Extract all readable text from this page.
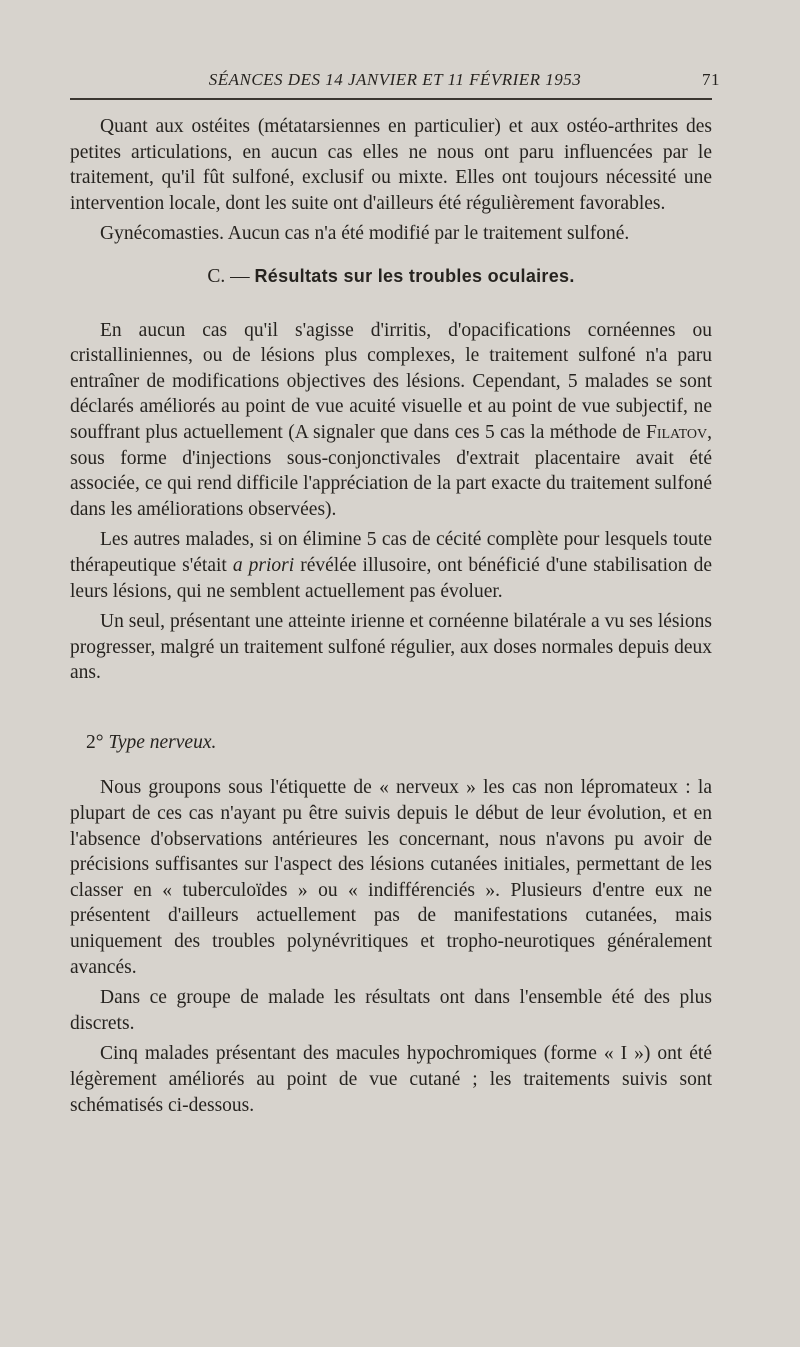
SÉANCES DES 14 JANVIER ET 11 FÉVRIER 1953	71

Quant aux ostéites (métatarsiennes en particulier) et aux ostéo-arthrites des petites articulations, en aucun cas elles ne nous ont paru influencées par le traitement, qu'il fût sulfoné, exclusif ou mixte. Elles ont toujours nécessité une intervention locale, dont les suite ont d'ailleurs été régulièrement favorables.

Gynécomasties. Aucun cas n'a été modifié par le traitement sulfoné.

C. — Résultats sur les troubles oculaires.

En aucun cas qu'il s'agisse d'irritis, d'opacifications cornéennes ou cristalliniennes, ou de lésions plus complexes, le traitement sulfoné n'a paru entraîner de modifications objectives des lésions. Cependant, 5 malades se sont déclarés améliorés au point de vue acuité visuelle et au point de vue subjectif, ne souffrant plus actuellement (A signaler que dans ces 5 cas la méthode de Filatov, sous forme d'injections sous-conjonctivales d'extrait placentaire avait été associée, ce qui rend difficile l'appréciation de la part exacte du traitement sulfoné dans les améliorations observées).

Les autres malades, si on élimine 5 cas de cécité complète pour lesquels toute thérapeutique s'était a priori révélée illusoire, ont bénéficié d'une stabilisation de leurs lésions, qui ne semblent actuellement pas évoluer.

Un seul, présentant une atteinte irienne et cornéenne bilatérale a vu ses lésions progresser, malgré un traitement sulfoné régulier, aux doses normales depuis deux ans.

2° Type nerveux.

Nous groupons sous l'étiquette de « nerveux » les cas non lépromateux : la plupart de ces cas n'ayant pu être suivis depuis le début de leur évolution, et en l'absence d'observations antérieures les concernant, nous n'avons pu avoir de précisions suffisantes sur l'aspect des lésions cutanées initiales, permettant de les classer en « tuberculoïdes » ou « indifférenciés ». Plusieurs d'entre eux ne présentent d'ailleurs actuellement pas de manifestations cutanées, mais uniquement des troubles polynévritiques et tropho-neurotiques généralement avancés.

Dans ce groupe de malade les résultats ont dans l'ensemble été des plus discrets.

Cinq malades présentant des macules hypochromiques (forme « I ») ont été légèrement améliorés au point de vue cutané ; les traitements suivis sont schématisés ci-dessous.
